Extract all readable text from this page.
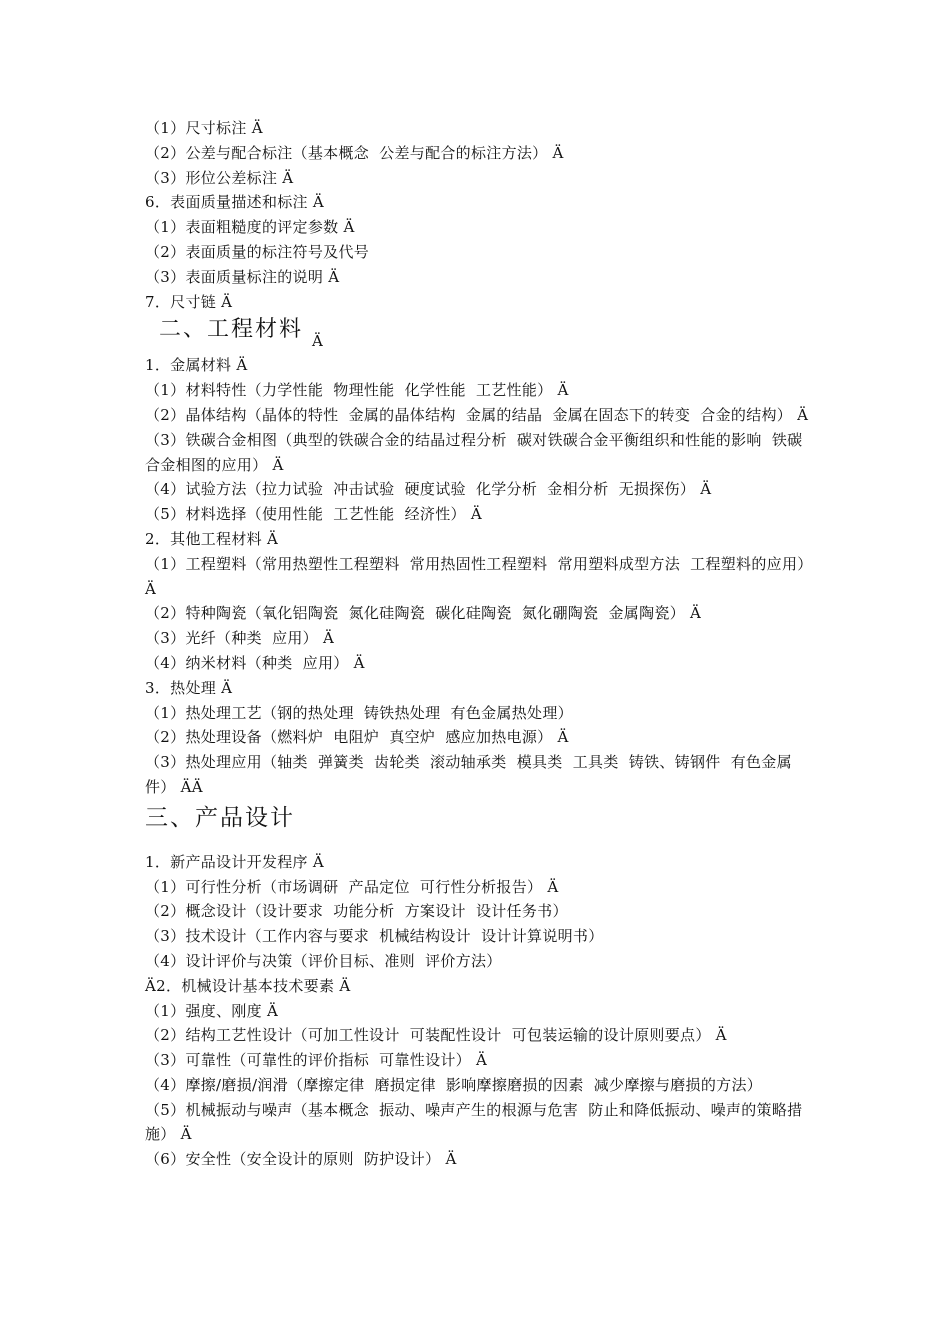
（1）尺寸标注 Ä
（2）公差与配合标注（基本概念  公差与配合的标注方法） Ä
（3）形位公差标注 Ä
6．表面质量描述和标注 Ä
（1）表面粗糙度的评定参数 Ä
（2）表面质量的标注符号及代号
（3）表面质量标注的说明 Ä
7．尺寸链 Ä
二、工程材料 $_Ä$
1．金属材料 Ä
（1）材料特性（力学性能  物理性能  化学性能  工艺性能） Ä
（2）晶体结构（晶体的特性  金属的晶体结构  金属的结晶  金属在固态下的转变  合金的结构） Ä
（3）铁碳合金相图（典型的铁碳合金的结晶过程分析  碳对铁碳合金平衡组织和性能的影响  铁碳合金相图的应用） Ä
（4）试验方法（拉力试验  冲击试验  硬度试验  化学分析  金相分析  无损探伤） Ä
（5）材料选择（使用性能  工艺性能  经济性） Ä
2．其他工程材料 Ä
（1）工程塑料（常用热塑性工程塑料  常用热固性工程塑料  常用塑料成型方法  工程塑料的应用） Ä
（2）特种陶瓷（氧化铝陶瓷  氮化硅陶瓷  碳化硅陶瓷  氮化硼陶瓷  金属陶瓷） Ä
（3）光纤（种类  应用） Ä
（4）纳米材料（种类  应用） Ä
3．热处理 Ä
（1）热处理工艺（钢的热处理  铸铁热处理  有色金属热处理）
（2）热处理设备（燃料炉  电阻炉  真空炉  感应加热电源） Ä
（3）热处理应用（轴类  弹簧类  齿轮类  滚动轴承类  模具类  工具类  铸铁、铸钢件  有色金属件） ÄÄ
三、产品设计
1．新产品设计开发程序 Ä
（1）可行性分析（市场调研  产品定位  可行性分析报告） Ä
（2）概念设计（设计要求  功能分析  方案设计  设计任务书）
（3）技术设计（工作内容与要求  机械结构设计  设计计算说明书）
（4）设计评价与决策（评价目标、准则  评价方法）
Ä2．机械设计基本技术要素 Ä
（1）强度、刚度 Ä
（2）结构工艺性设计（可加工性设计  可装配性设计  可包装运输的设计原则要点） Ä
（3）可靠性（可靠性的评价指标  可靠性设计） Ä
（4）摩擦/磨损/润滑（摩擦定律  磨损定律  影响摩擦磨损的因素  减少摩擦与磨损的方法）
（5）机械振动与噪声（基本概念  振动、噪声产生的根源与危害  防止和降低振动、噪声的策略措施） Ä
（6）安全性（安全设计的原则  防护设计） Ä
